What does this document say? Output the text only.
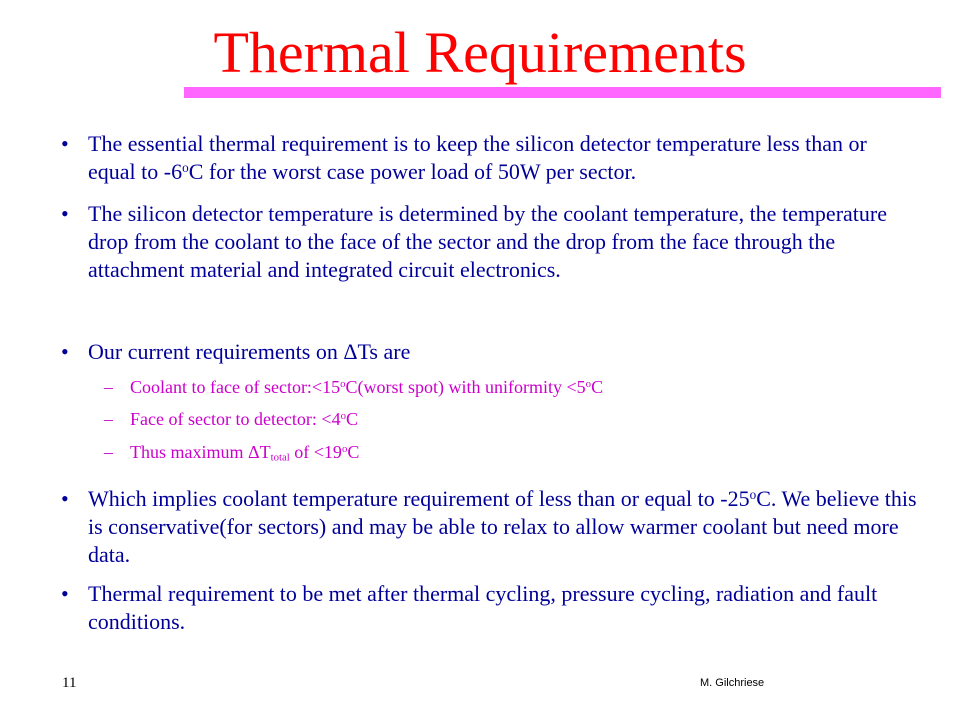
Thermal Requirements
• The essential thermal requirement is to keep the silicon detector temperature less than or equal to -6$^o$C for the worst case power load of 50W per sector.
• The silicon detector temperature is determined by the coolant temperature, the temperature drop from the coolant to the face of the sector and the drop from the face through the attachment material and integrated circuit electronics.
• Our current requirements on ΔTs are
– Coolant to face of $sector:<15^oC(worst$ spot) with uniformity $<5^oC$
– Face of sector to detector: $<4^oC$
– Thus maximum $\Delta T_{total}$ of $<19^oC$
• Which implies coolant temperature requirement of less than or equal to -25$^o$C. We believe this is conservative(for sectors) and may be able to relax to allow warmer coolant but need more data.
• Thermal requirement to be met after thermal cycling, pressure cycling, radiation and fault conditions.
11	M. Gilchriese
